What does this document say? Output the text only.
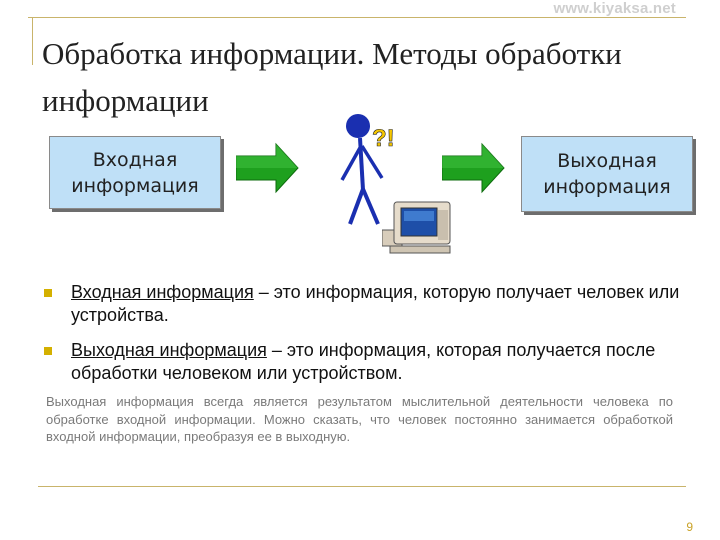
www.kiyaksa.net
Обработка информации. Методы обработки информации
Входная информация
?!
Выходная информация
Входная информация – это информация, которую получает человек или устройства.
Выходная информация – это информация, которая получается после обработки человеком или устройством.
Выходная информация всегда является результатом мыслительной деятельности человека по обработке входной информации. Можно сказать, что человек постоянно занимается обработкой входной информации, преобразуя ее в выходную.
9
